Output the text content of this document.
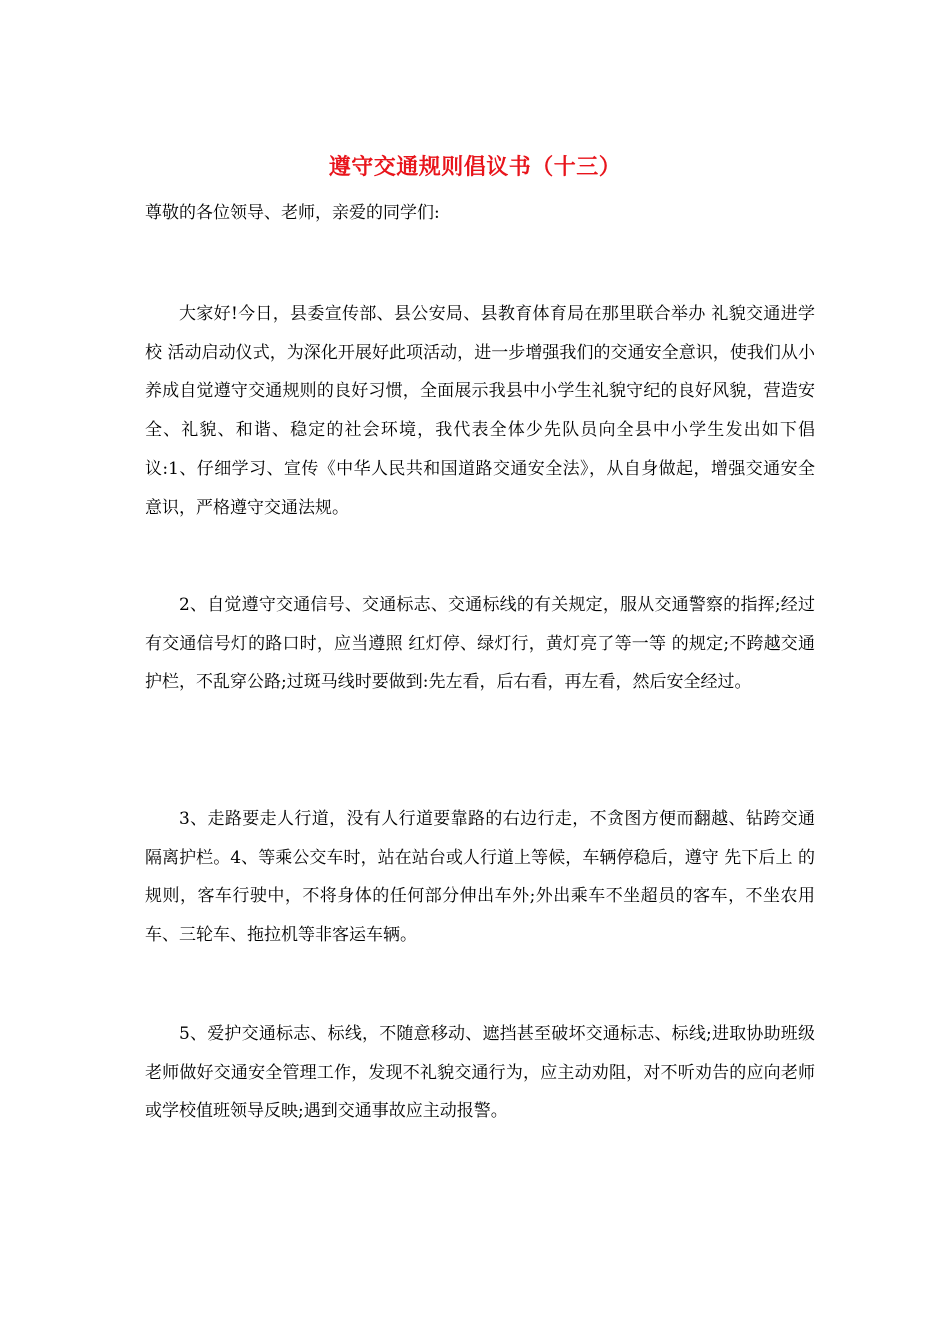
遵守交通规则倡议书（十三）
尊敬的各位领导、老师，亲爱的同学们:
大家好!今日，县委宣传部、县公安局、县教育体育局在那里联合举办 礼貌交通进学校 活动启动仪式，为深化开展好此项活动，进一步增强我们的交通安全意识，使我们从小养成自觉遵守交通规则的良好习惯，全面展示我县中小学生礼貌守纪的良好风貌，营造安全、礼貌、和谐、稳定的社会环境，我代表全体少先队员向全县中小学生发出如下倡议:1、仔细学习、宣传《中华人民共和国道路交通安全法》，从自身做起，增强交通安全意识，严格遵守交通法规。
2、自觉遵守交通信号、交通标志、交通标线的有关规定，服从交通警察的指挥;经过有交通信号灯的路口时，应当遵照 红灯停、绿灯行，黄灯亮了等一等 的规定;不跨越交通护栏，不乱穿公路;过斑马线时要做到:先左看，后右看，再左看，然后安全经过。
3、走路要走人行道，没有人行道要靠路的右边行走，不贪图方便而翻越、钻跨交通隔离护栏。4、等乘公交车时，站在站台或人行道上等候，车辆停稳后，遵守 先下后上 的规则，客车行驶中，不将身体的任何部分伸出车外;外出乘车不坐超员的客车，不坐农用车、三轮车、拖拉机等非客运车辆。
5、爱护交通标志、标线，不随意移动、遮挡甚至破坏交通标志、标线;进取协助班级老师做好交通安全管理工作，发现不礼貌交通行为，应主动劝阻，对不听劝告的应向老师或学校值班领导反映;遇到交通事故应主动报警。
